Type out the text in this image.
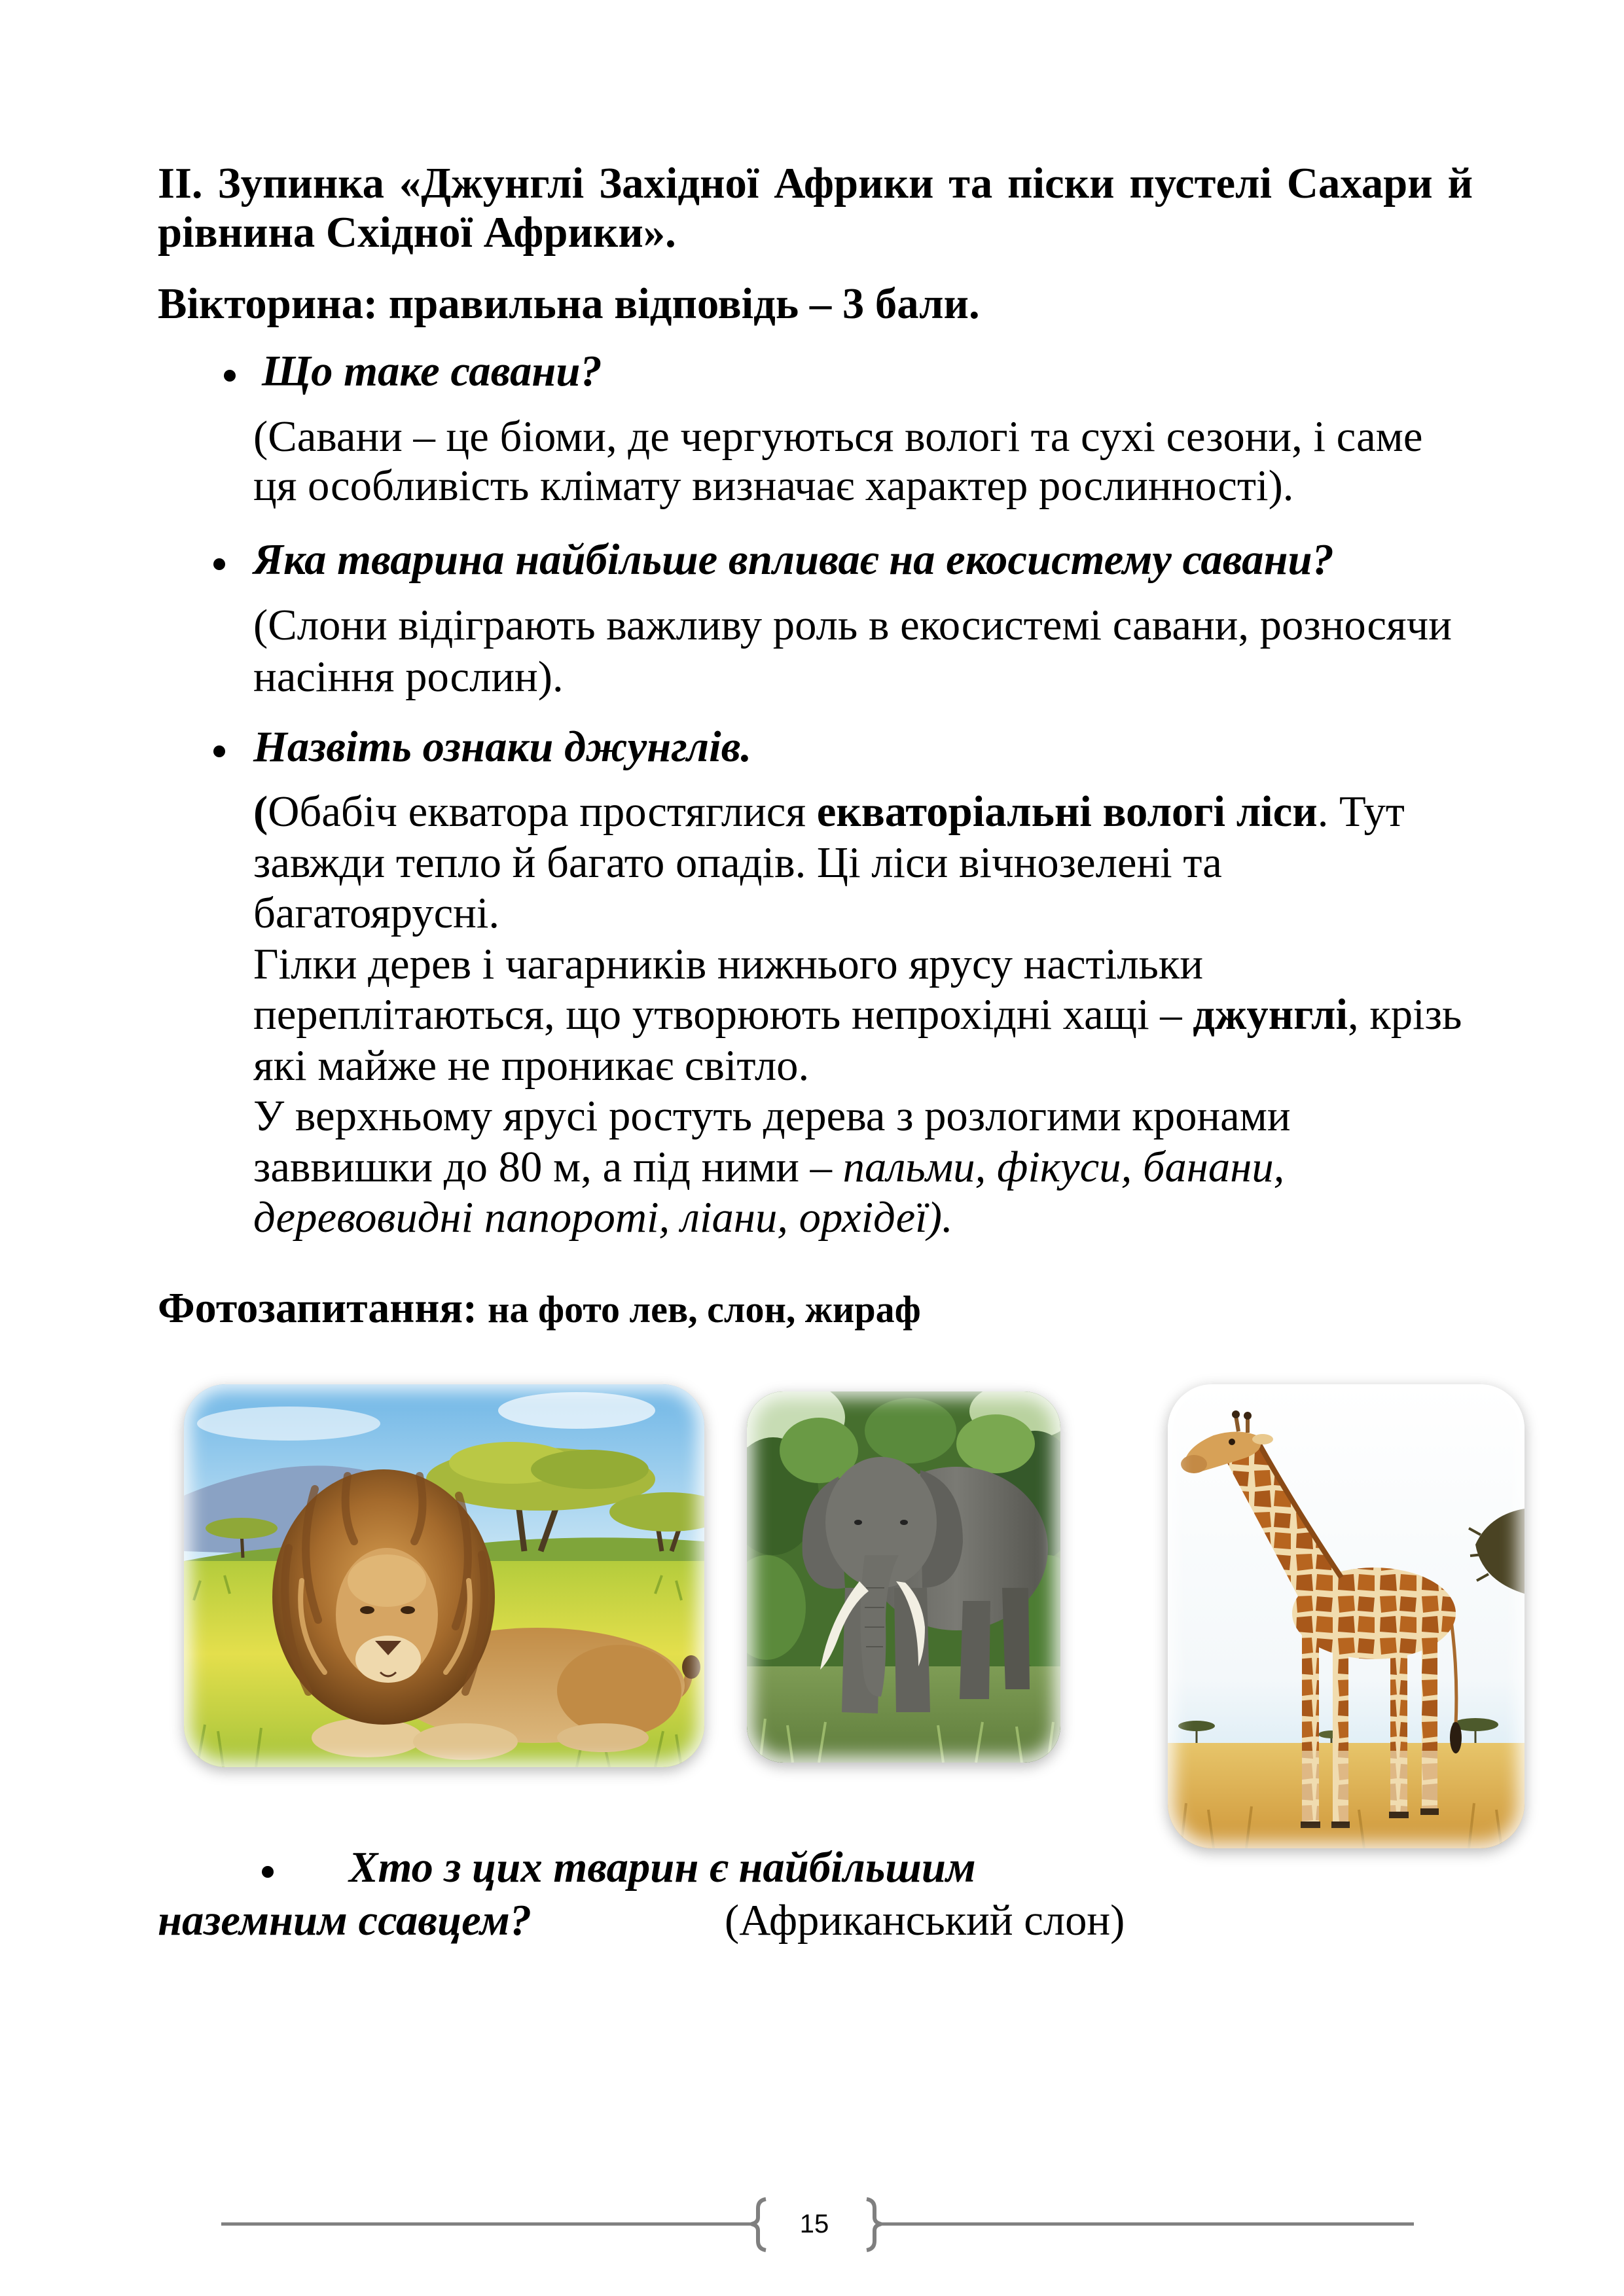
ІІ. Зупинка «Джунглі Західної Африки та піски пустелі Сахари й
рівнина Східної Африки».
Вікторина: правильна відповідь – 3 бали.
Що таке савани?
(Савани – це біоми, де чергуються вологі та сухі сезони, і саме
ця особливість клімату визначає характер рослинності).
Яка тварина найбільше впливає на екосистему савани?
(Слони відіграють важливу роль в екосистемі савани, розносячи
насіння рослин).
Назвіть ознаки джунглів.
(Обабіч екватора простяглися екваторіальні вологі ліси. Тут
завжди тепло й багато опадів. Ці ліси вічнозелені та
багатоярусні.
Гілки дерев і чагарників нижнього ярусу настільки
переплітаються, що утворюють непрохідні хащі – джунглі, крізь
які майже не проникає світло.
У верхньому ярусі ростуть дерева з розлогими кронами
заввишки до 80 м, а під ними – пальми, фікуси, банани,
деревовидні папороті, ліани, орхідеї).
Фотозапитання: на фото лев, слон, жираф
Хто з цих тварин є найбільшим
наземним ссавцем?	(Африканський слон)
15
